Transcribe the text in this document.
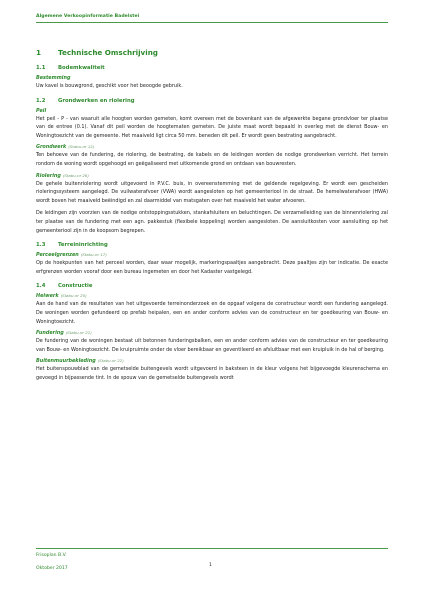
Algemene Verkoopinformatie Badelstei
1	Technische Omschrijving
1.1	Bodemkwaliteit
Bestemming
Uw kavel is bouwgrond, geschikt voor het beoogde gebruik.
1.2	Grondwerken en riolering
Peil
Het peil - P - van waaruit alle hoogten worden gemeten, komt overeen met de bovenkant van de afgewerkte begane grondvloer ter plaatse van de entree (0.1). Vanaf dit peil worden de hoogtematen gemeten. De juiste maat wordt bepaald in overleg met de dienst Bouw- en Woningtoezicht van de gemeente. Het maaiveld ligt circa 50 mm. beneden dit peil. Er wordt geen bestrating aangebracht.
Grondwerk (Stabu-nr 12)
Ten behoeve van de fundering, de riolering, de bestrating, de kabels en de leidingen worden de nodige grondwerken verricht. Het terrein rondom de woning wordt opgehoogd en geëgaliseerd met uitkomende grond en ontdaan van bouwresten.
Riolering (Stabu-nr 26)
De gehele buitenriolering wordt uitgevoerd in P.V.C. buis, in overeenstemming met de geldende regelgeving. Er wordt een gescheiden rioleringssysteem aangelegd. De vuilwaterafvoer (VWA) wordt aangesloten op het gemeenteriool in de straat. De hemelwaterafvoer (HWA) wordt boven het maaiveld beëindigd en zal daarmiddel van matsgaten over het maaiveld het water afvoeren.
De leidingen zijn voorzien van de nodige ontstoppingsstukken, stankafsluiters en beluchtingen. De verzamelleiding van de binnenriolering zal ter plaatse van de fundering met een agn. pakkestuk (flexibele koppeling) worden aangesloten. De aansluitkosten voor aansluiting op het gemeenteriool zijn in de koopsom begrepen.
1.3	Terreininrichting
Perceelgrenzen (Stabu-nr 17)
Op de hoekpunten van het perceel worden, daar waar mogelijk, markeringspaaltjes aangebracht. Deze paaltjes zijn ter indicatie. De exacte erfgrenzen worden vooraf door een bureau ingemeten en door het Kadaster vastgelegd.
1.4	Constructie
Heiwerk (Stabu-nr 20)
Aan de hand van de resultaten van het uitgevoerde terreinonderzoek en de opgaaf volgens de constructeur wordt een fundering aangelegd. De woningen worden gefundeerd op prefab heipalen, een en ander conform advies van de constructeur en ter goedkeuring van Bouw- en Woningtoezicht.
Fundering (Stabu-nr 21)
De fundering van de woningen bestaat uit betonnen funderingsbalken, een en ander conform advies van de constructeur en ter goedkeuring van Bouw- en Woningtoezicht. De kruipruimte onder de vloer bereikbaar en geventileerd en afsluitbaar met een kruipluik in de hal of berging.
Buitenmuurbekleding (Stabu-nr 22)
Het buitenspouwblad van de gemetselde buitengevels wordt uitgevoerd in baksteen in de kleur volgens het bijgevoegde kleurenschema en gevoegd in bijpassende tint. In de spouw van de gemetselde buitengevels wordt
Frisoplan B.V.
Oktober 2017
1
